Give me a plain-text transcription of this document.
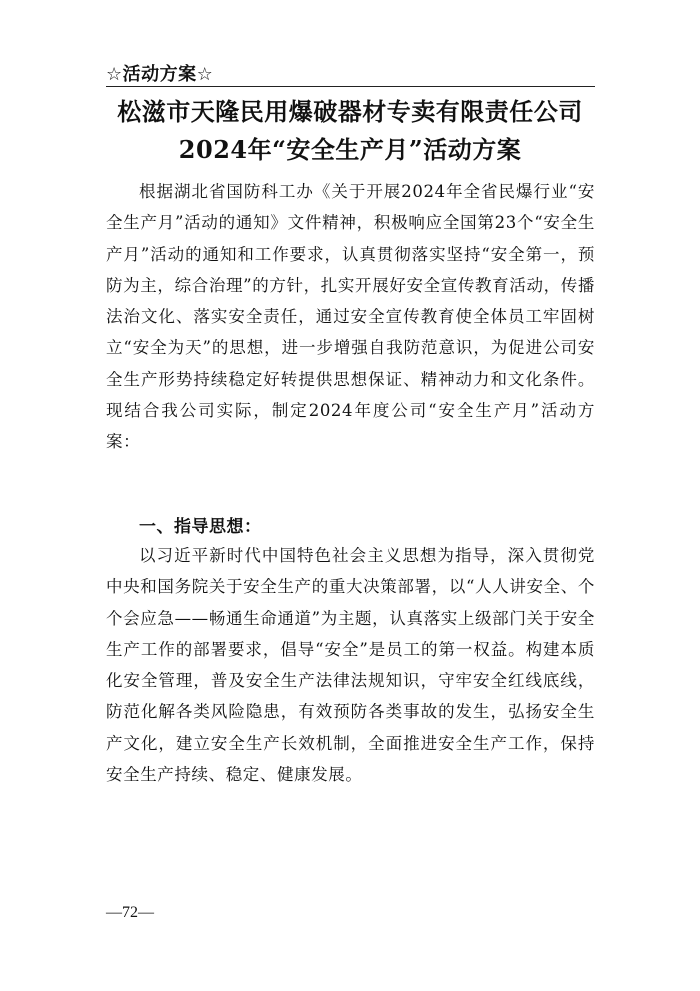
☆活动方案☆
松滋市天隆民用爆破器材专卖有限责任公司
2024年“安全生产月”活动方案

根据湖北省国防科工办《关于开展2024年全省民爆行业“安全生产月”活动的通知》文件精神，积极响应全国第23个“安全生产月”活动的通知和工作要求，认真贯彻落实坚持“安全第一，预防为主，综合治理”的方针，扎实开展好安全宣传教育活动，传播法治文化、落实安全责任，通过安全宣传教育使全体员工牢固树立“安全为天”的思想，进一步增强自我防范意识，为促进公司安全生产形势持续稳定好转提供思想保证、精神动力和文化条件。现结合我公司实际，制定2024年度公司“安全生产月”活动方案：

一、指导思想：

以习近平新时代中国特色社会主义思想为指导，深入贯彻党中央和国务院关于安全生产的重大决策部署，以“人人讲安全、个个会应急——畅通生命通道”为主题，认真落实上级部门关于安全生产工作的部署要求，倡导“安全”是员工的第一权益。构建本质化安全管理，普及安全生产法律法规知识，守牢安全红线底线，防范化解各类风险隐患，有效预防各类事故的发生，弘扬安全生产文化，建立安全生产长效机制，全面推进安全生产工作，保持安全生产持续、稳定、健康发展。

—72—
